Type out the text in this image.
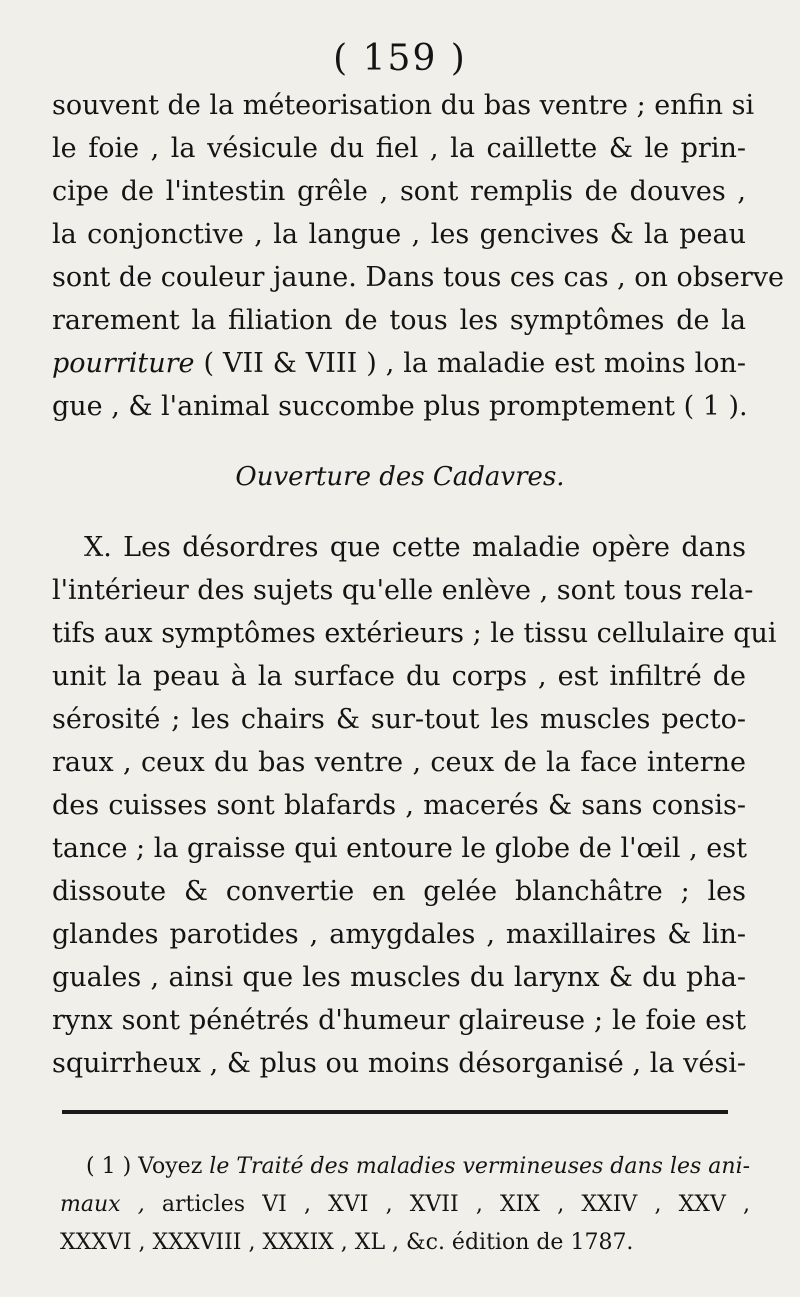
( 159 )
souvent de la méteorisation du bas ventre ; enfin si
le foie , la vésicule du fiel , la caillette & le prin-
cipe de l'intestin grêle , sont remplis de douves ,
la conjonctive , la langue , les gencives & la peau
sont de couleur jaune. Dans tous ces cas , on observe
rarement la filiation de tous les symptômes de la
pourriture ( VII & VIII ) , la maladie est moins lon-
gue , & l'animal succombe plus promptement ( 1 ).
Ouverture des Cadavres.
X. Les désordres que cette maladie opère dans
l'intérieur des sujets qu'elle enlève , sont tous rela-
tifs aux symptômes extérieurs ; le tissu cellulaire qui
unit la peau à la surface du corps , est infiltré de
sérosité ; les chairs & sur-tout les muscles pecto-
raux , ceux du bas ventre , ceux de la face interne
des cuisses sont blafards , macerés & sans consis-
tance ; la graisse qui entoure le globe de l'œil , est
dissoute & convertie en gelée blanchâtre ; les
glandes parotides , amygdales , maxillaires & lin-
guales , ainsi que les muscles du larynx & du pha-
rynx sont pénétrés d'humeur glaireuse ; le foie est
squirrheux , & plus ou moins désorganisé , la vési-
( 1 ) Voyez le Traité des maladies vermineuses dans les ani-
maux , articles VI , XVI , XVII , XIX , XXIV , XXV ,
XXXVI , XXXVIII , XXXIX , XL , &c. édition de 1787.
